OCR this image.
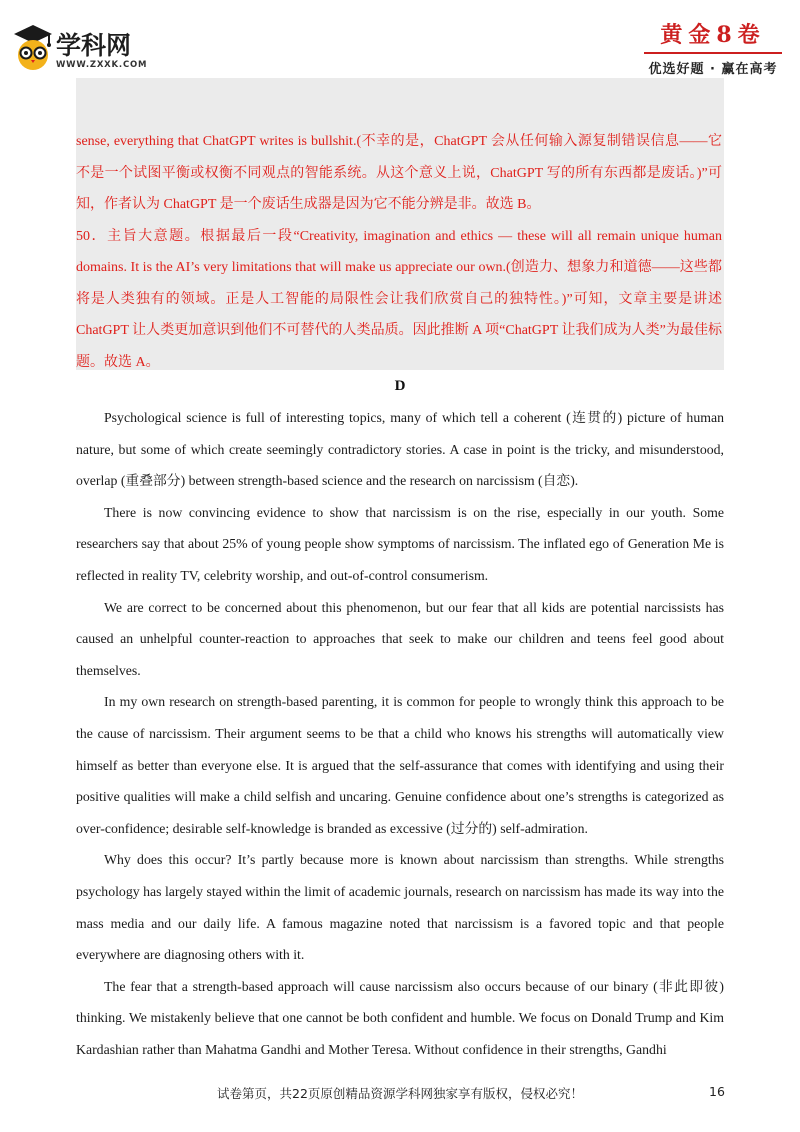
学科网
WWW.ZXXK.COM
黄金8卷
优选好题 · 赢在高考

sense, everything that ChatGPT writes is bullshit.(不幸的是，ChatGPT 会从任何输入源复制错误信息——它不是一个试图平衡或权衡不同观点的智能系统。从这个意义上说，ChatGPT 写的所有东西都是废话。)”可知，作者认为 ChatGPT 是一个废话生成器是因为它不能分辨是非。故选 B。

50．主旨大意题。根据最后一段“Creativity, imagination and ethics — these will all remain unique human domains. It is the AI’s very limitations that will make us appreciate our own.(创造力、想象力和道德——这些都将是人类独有的领域。正是人工智能的局限性会让我们欣赏自己的独特性。)”可知，文章主要是讲述 ChatGPT 让人类更加意识到他们不可替代的人类品质。因此推断 A 项“ChatGPT 让我们成为人类”为最佳标题。故选 A。

D

Psychological science is full of interesting topics, many of which tell a coherent (连贯的) picture of human nature, but some of which create seemingly contradictory stories. A case in point is the tricky, and misunderstood, overlap (重叠部分) between strength-based science and the research on narcissism (自恋).

There is now convincing evidence to show that narcissism is on the rise, especially in our youth. Some researchers say that about 25% of young people show symptoms of narcissism. The inflated ego of Generation Me is reflected in reality TV, celebrity worship, and out-of-control consumerism.

We are correct to be concerned about this phenomenon, but our fear that all kids are potential narcissists has caused an unhelpful counter-reaction to approaches that seek to make our children and teens feel good about themselves.

In my own research on strength-based parenting, it is common for people to wrongly think this approach to be the cause of narcissism. Their argument seems to be that a child who knows his strengths will automatically view himself as better than everyone else. It is argued that the self-assurance that comes with identifying and using their positive qualities will make a child selfish and uncaring. Genuine confidence about one’s strengths is categorized as over-confidence; desirable self-knowledge is branded as excessive (过分的) self-admiration.

Why does this occur? It’s partly because more is known about narcissism than strengths. While strengths psychology has largely stayed within the limit of academic journals, research on narcissism has made its way into the mass media and our daily life. A famous magazine noted that narcissism is a favored topic and that people everywhere are diagnosing others with it.

The fear that a strength-based approach will cause narcissism also occurs because of our binary (非此即彼) thinking. We mistakenly believe that one cannot be both confident and humble. We focus on Donald Trump and Kim Kardashian rather than Mahatma Gandhi and Mother Teresa. Without confidence in their strengths, Gandhi

试卷第页，共22页原创精品资源学科网独家享有版权，侵权必究！	16
